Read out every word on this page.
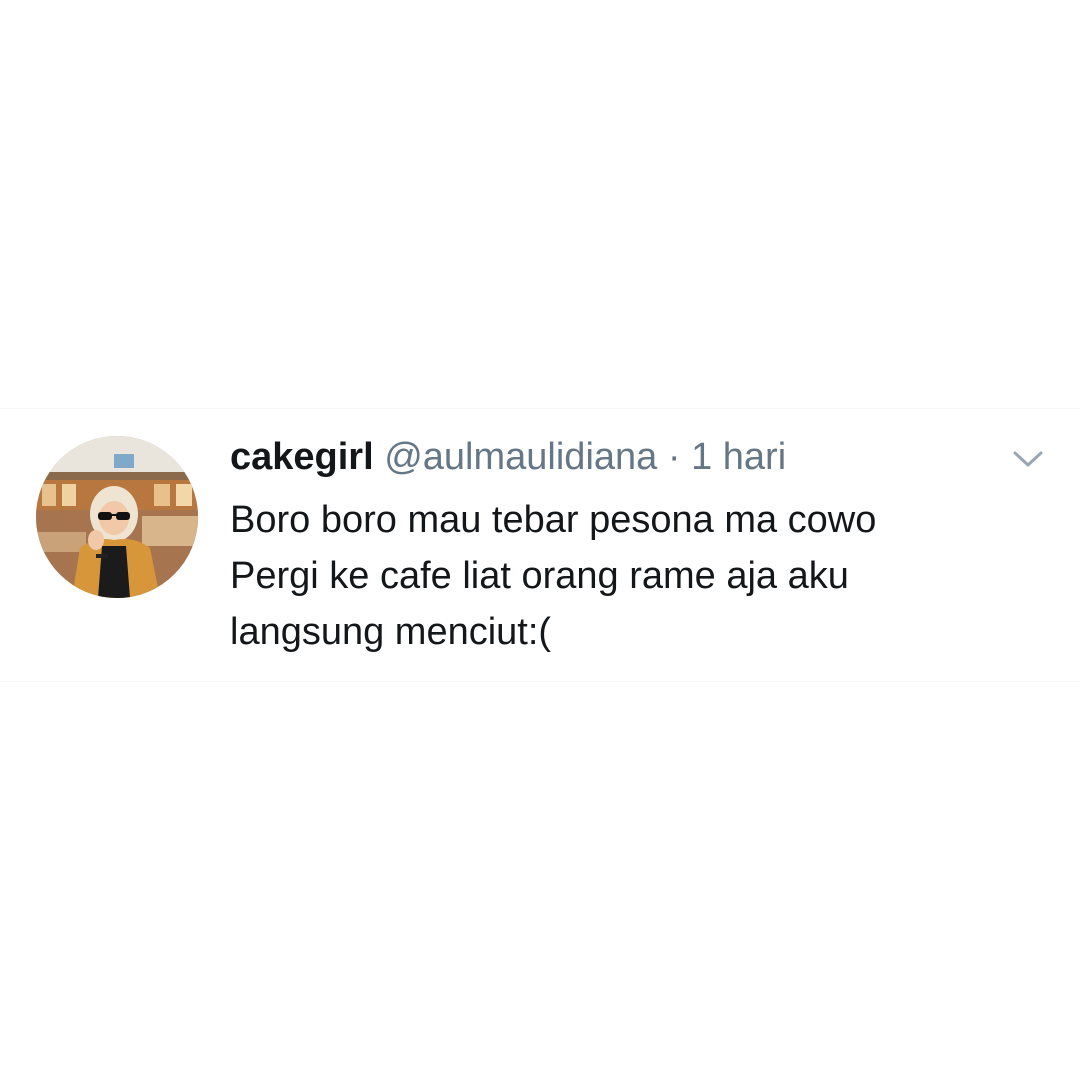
cakegirl @aulmaulidiana · 1 hari
Boro boro mau tebar pesona ma cowo
Pergi ke cafe liat orang rame aja aku
langsung menciut:(
